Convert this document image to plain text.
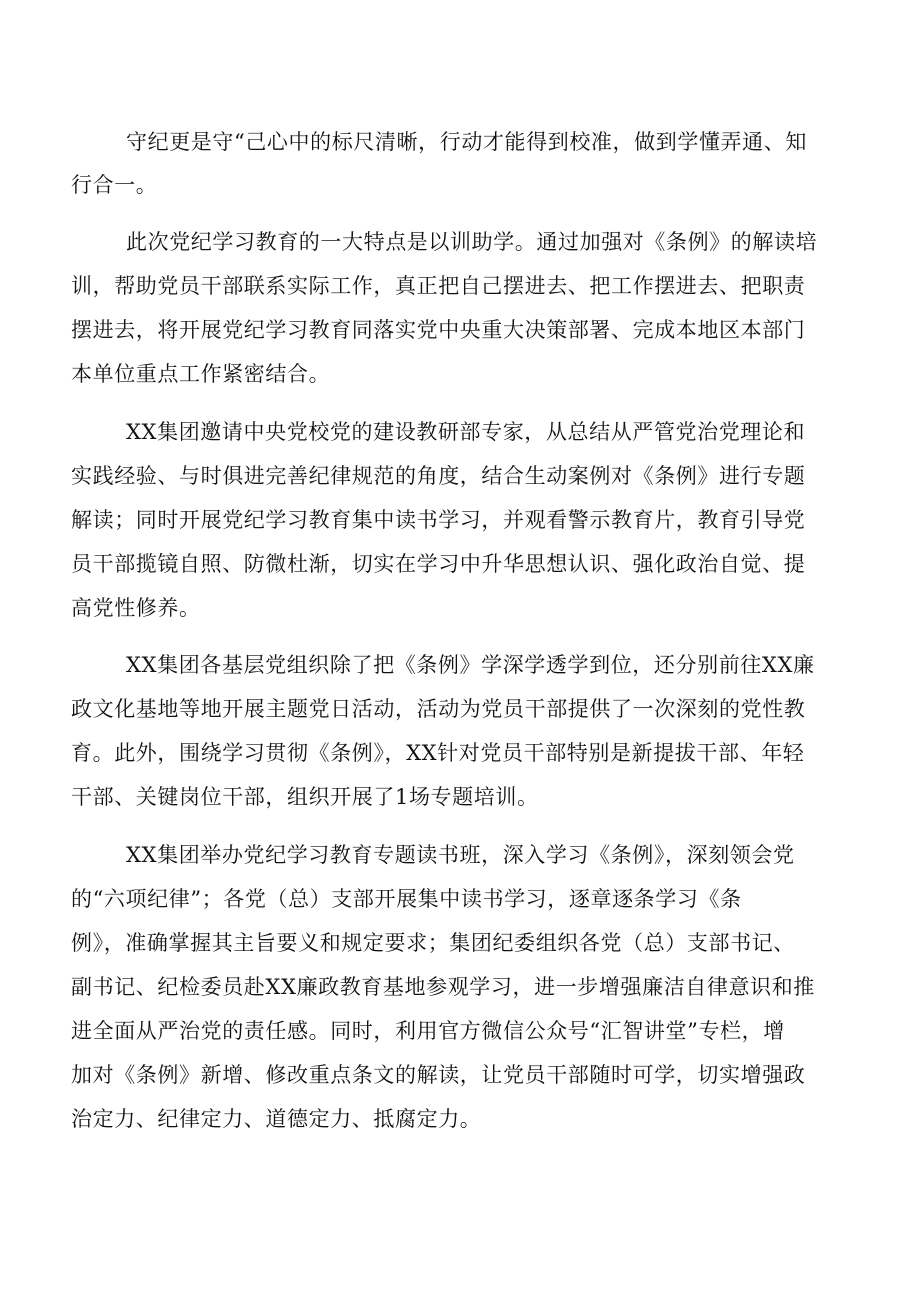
守纪更是守“己心中的标尺清晰，行动才能得到校准，做到学懂弄通、知
行合一。
此次党纪学习教育的一大特点是以训助学。通过加强对《条例》的解读培
训，帮助党员干部联系实际工作，真正把自己摆进去、把工作摆进去、把职责
摆进去，将开展党纪学习教育同落实党中央重大决策部署、完成本地区本部门
本单位重点工作紧密结合。
XX集团邀请中央党校党的建设教研部专家，从总结从严管党治党理论和
实践经验、与时俱进完善纪律规范的角度，结合生动案例对《条例》进行专题
解读；同时开展党纪学习教育集中读书学习，并观看警示教育片，教育引导党
员干部揽镜自照、防微杜渐，切实在学习中升华思想认识、强化政治自觉、提
高党性修养。
XX集团各基层党组织除了把《条例》学深学透学到位，还分别前往XX廉
政文化基地等地开展主题党日活动，活动为党员干部提供了一次深刻的党性教
育。此外，围绕学习贯彻《条例》，XX针对党员干部特别是新提拔干部、年轻
干部、关键岗位干部，组织开展了1场专题培训。
XX集团举办党纪学习教育专题读书班，深入学习《条例》，深刻领会党
的“六项纪律”；各党（总）支部开展集中读书学习，逐章逐条学习《条
例》，准确掌握其主旨要义和规定要求；集团纪委组织各党（总）支部书记、
副书记、纪检委员赴XX廉政教育基地参观学习，进一步增强廉洁自律意识和推
进全面从严治党的责任感。同时，利用官方微信公众号“汇智讲堂”专栏，增
加对《条例》新增、修改重点条文的解读，让党员干部随时可学，切实增强政
治定力、纪律定力、道德定力、抵腐定力。
